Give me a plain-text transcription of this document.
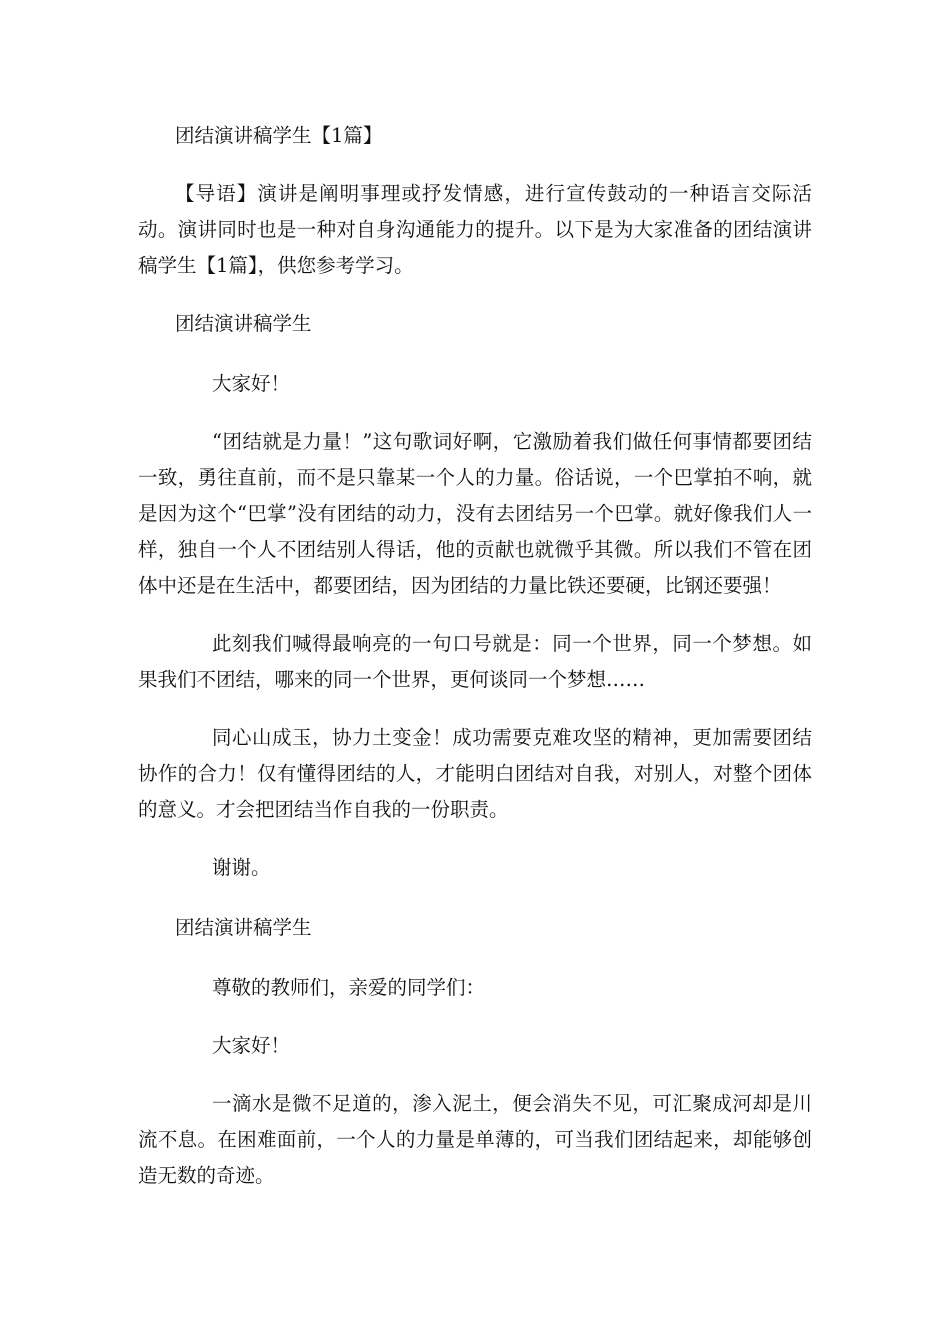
团结演讲稿学生【1篇】

【导语】演讲是阐明事理或抒发情感，进行宣传鼓动的一种语言交际活动。演讲同时也是一种对自身沟通能力的提升。以下是为大家准备的团结演讲稿学生【1篇】，供您参考学习。

团结演讲稿学生

大家好！

“团结就是力量！”这句歌词好啊，它激励着我们做任何事情都要团结一致，勇往直前，而不是只靠某一个人的力量。俗话说，一个巴掌拍不响，就是因为这个“巴掌”没有团结的动力，没有去团结另一个巴掌。就好像我们人一样，独自一个人不团结别人得话，他的贡献也就微乎其微。所以我们不管在团体中还是在生活中，都要团结，因为团结的力量比铁还要硬，比钢还要强！

此刻我们喊得最响亮的一句口号就是：同一个世界，同一个梦想。如果我们不团结，哪来的同一个世界，更何谈同一个梦想……

同心山成玉，协力土变金！成功需要克难攻坚的精神，更加需要团结协作的合力！仅有懂得团结的人，才能明白团结对自我，对别人，对整个团体的意义。才会把团结当作自我的一份职责。

谢谢。

团结演讲稿学生

尊敬的教师们，亲爱的同学们：

大家好！

一滴水是微不足道的，渗入泥土，便会消失不见，可汇聚成河却是川流不息。在困难面前，一个人的力量是单薄的，可当我们团结起来，却能够创造无数的奇迹。
